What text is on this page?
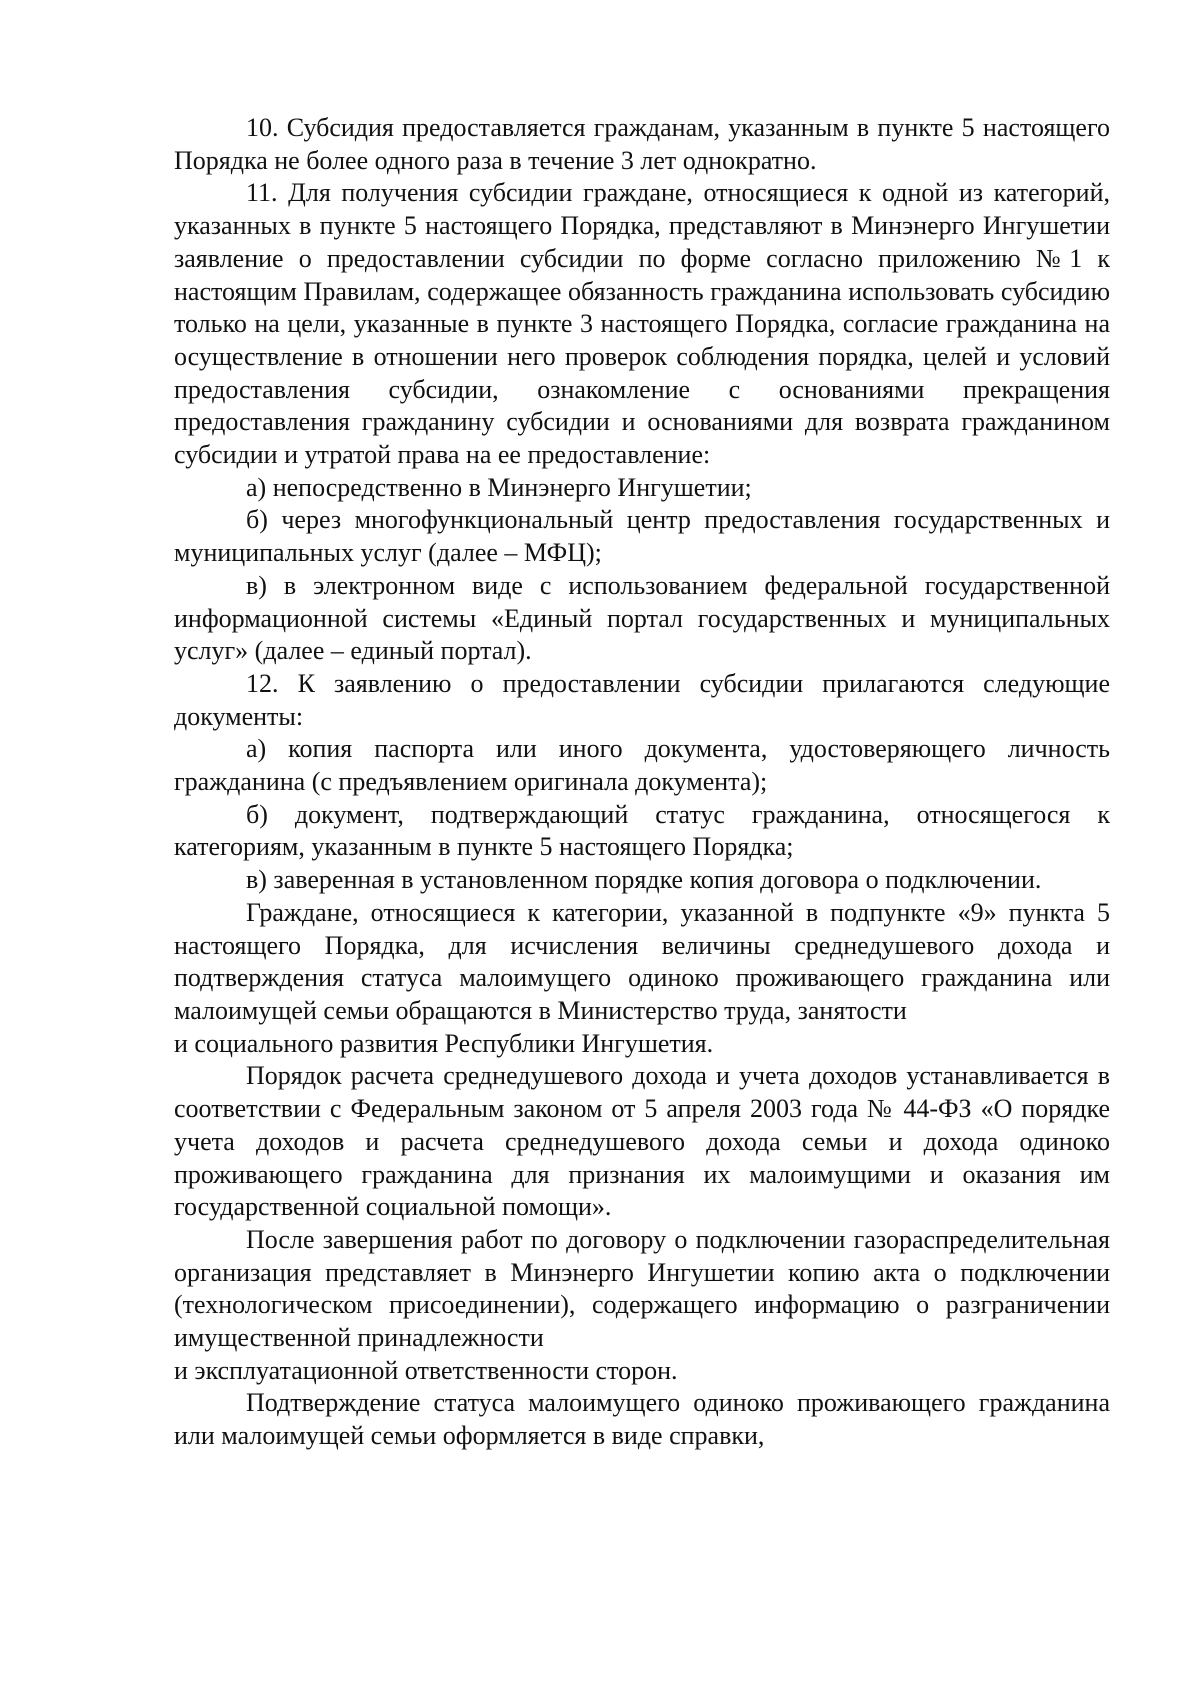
10. Субсидия предоставляется гражданам, указанным в пункте 5 настоящего Порядка не более одного раза в течение 3 лет однократно.

11. Для получения субсидии граждане, относящиеся к одной из категорий, указанных в пункте 5 настоящего Порядка, представляют в Минэнерго Ингушетии заявление о предоставлении субсидии по форме согласно приложению №1 к настоящим Правилам, содержащее обязанность гражданина использовать субсидию только на цели, указанные в пункте 3 настоящего Порядка, согласие гражданина на осуществление в отношении него проверок соблюдения порядка, целей и условий предоставления субсидии, ознакомление с основаниями прекращения предоставления гражданину субсидии и основаниями для возврата гражданином субсидии и утратой права на ее предоставление:

а) непосредственно в Минэнерго Ингушетии;

б) через многофункциональный центр предоставления государственных и муниципальных услуг (далее – МФЦ);

в) в электронном виде с использованием федеральной государственной информационной системы «Единый портал государственных и муниципальных услуг» (далее – единый портал).

12. К заявлению о предоставлении субсидии прилагаются следующие документы:

а) копия паспорта или иного документа, удостоверяющего личность гражданина (с предъявлением оригинала документа);

б) документ, подтверждающий статус гражданина, относящегося к категориям, указанным в пункте 5 настоящего Порядка;

в) заверенная в установленном порядке копия договора о подключении.

Граждане, относящиеся к категории, указанной в подпункте «9» пункта 5 настоящего Порядка, для исчисления величины среднедушевого дохода и подтверждения статуса малоимущего одиноко проживающего гражданина или малоимущей семьи обращаются в Министерство труда, занятости

и социального развития Республики Ингушетия.

Порядок расчета среднедушевого дохода и учета доходов устанавливается в соответствии с Федеральным законом от 5 апреля 2003 года № 44-ФЗ «О порядке учета доходов и расчета среднедушевого дохода семьи и дохода одиноко проживающего гражданина для признания их малоимущими и оказания им государственной социальной помощи».

После завершения работ по договору о подключении газораспределительная организация представляет в Минэнерго Ингушетии копию акта о подключении (технологическом присоединении), содержащего информацию о разграничении имущественной принадлежности

и эксплуатационной ответственности сторон.

Подтверждение статуса малоимущего одиноко проживающего гражданина или малоимущей семьи оформляется в виде справки,
